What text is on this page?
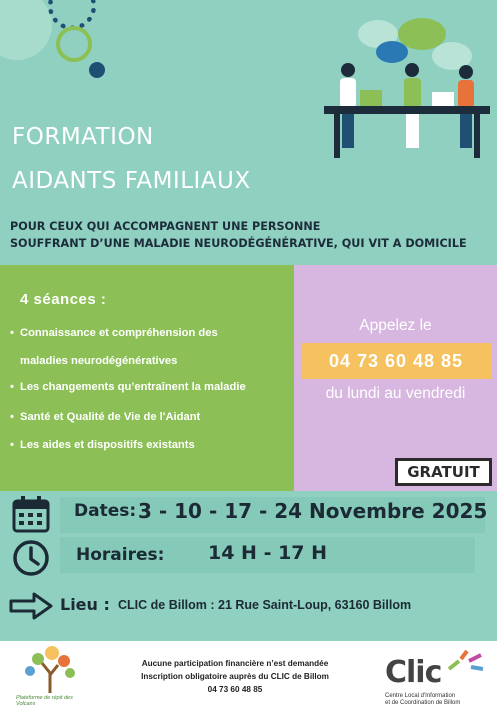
FORMATION
AIDANTS FAMILIAUX
POUR CEUX QUI ACCOMPAGNENT UNE PERSONNE
SOUFFRANT D’UNE MALADIE NEURODÉGÉNÉRATIVE, QUI VIT A DOMICILE
4 séances :
• Connaissance et compréhension des
maladies neurodégénératives
• Les changements qu’entraînent la maladie
• Santé et Qualité de Vie de l'Aidant
• Les aides et dispositifs existants
Appelez le
04 73 60 48 85
du lundi au vendredi
GRATUIT
Dates: 3 - 10 - 17 - 24 Novembre 2025
Horaires: 14 H - 17 H
Lieu : CLIC de Billom : 21 Rue Saint-Loup, 63160 Billom
Plateforme de répit des Volcans
Aucune participation financière n’est demandée
Inscription obligatoire auprès du CLIC de Billom
04 73 60 48 85	Clic
Centre Local d'Information
et de Coordination de Billom
